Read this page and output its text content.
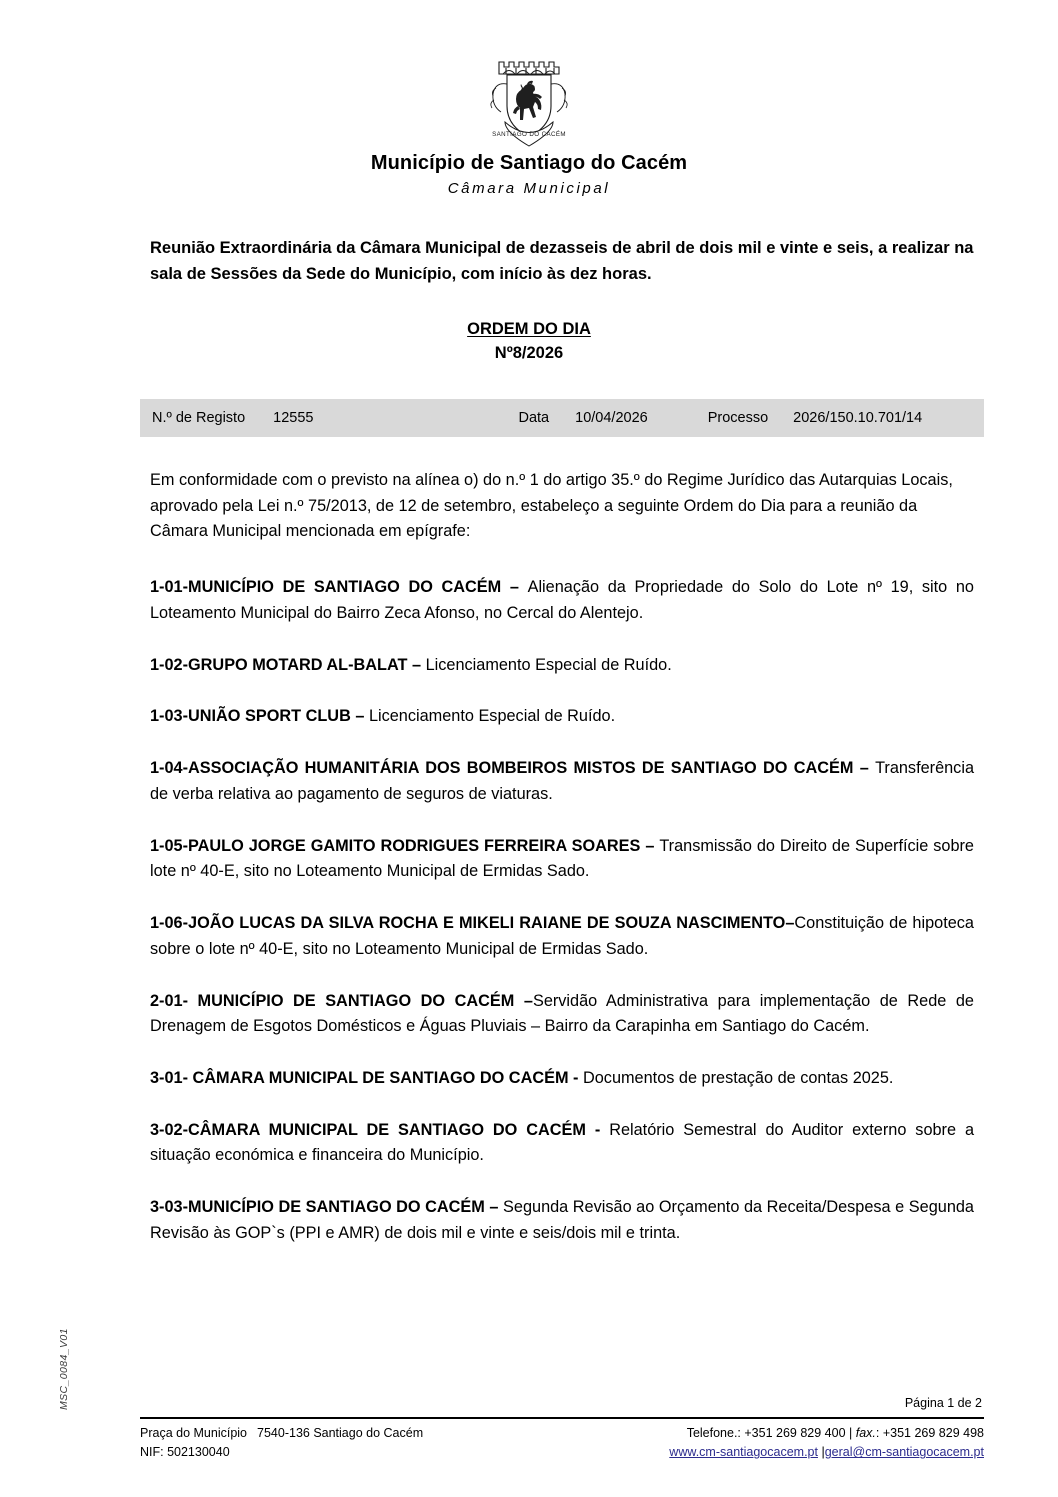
MSC_0084_V01
SANTIAGO DO CACÉM
Município de Santiago do Cacém
Câmara Municipal
Reunião Extraordinária da Câmara Municipal de dezasseis de abril de dois mil e vinte e seis, a realizar na sala de Sessões da Sede do Município, com início às dez horas.
ORDEM DO DIA
Nº8/2026
N.º de Registo 12555	Data 10/04/2026	Processo 2026/150.10.701/14

Em conformidade com o previsto na alínea o) do n.º 1 do artigo 35.º do Regime Jurídico das Autarquias Locais, aprovado pela Lei n.º 75/2013, de 12 de setembro, estabeleço a seguinte Ordem do Dia para a reunião da Câmara Municipal mencionada em epígrafe:

1-01-MUNICÍPIO DE SANTIAGO DO CACÉM – Alienação da Propriedade do Solo do Lote nº 19, sito no Loteamento Municipal do Bairro Zeca Afonso, no Cercal do Alentejo.

1-02-GRUPO MOTARD AL-BALAT – Licenciamento Especial de Ruído.

1-03-UNIÃO SPORT CLUB – Licenciamento Especial de Ruído.

1-04-ASSOCIAÇÃO HUMANITÁRIA DOS BOMBEIROS MISTOS DE SANTIAGO DO CACÉM – Transferência de verba relativa ao pagamento de seguros de viaturas.

1-05-PAULO JORGE GAMITO RODRIGUES FERREIRA SOARES – Transmissão do Direito de Superfície sobre lote nº 40-E, sito no Loteamento Municipal de Ermidas Sado.

1-06-JOÃO LUCAS DA SILVA ROCHA E MIKELI RAIANE DE SOUZA NASCIMENTO–Constituição de hipoteca sobre o lote nº 40-E, sito no Loteamento Municipal de Ermidas Sado.

2-01- MUNICÍPIO DE SANTIAGO DO CACÉM –Servidão Administrativa para implementação de Rede de Drenagem de Esgotos Domésticos e Águas Pluviais – Bairro da Carapinha em Santiago do Cacém.

3-01- CÂMARA MUNICIPAL DE SANTIAGO DO CACÉM - Documentos de prestação de contas 2025.

3-02-CÂMARA MUNICIPAL DE SANTIAGO DO CACÉM - Relatório Semestral do Auditor externo sobre a situação económica e financeira do Município.

3-03-MUNICÍPIO DE SANTIAGO DO CACÉM – Segunda Revisão ao Orçamento da Receita/Despesa e Segunda Revisão às GOP`s (PPI e AMR) de dois mil e vinte e seis/dois mil e trinta.

Página 1 de 2
Praça do Município 7540-136 Santiago do Cacém
NIF: 502130040
Telefone.: +351 269 829 400 | fax.: +351 269 829 498
www.cm-santiagocacem.pt |geral@cm-santiagocacem.pt
